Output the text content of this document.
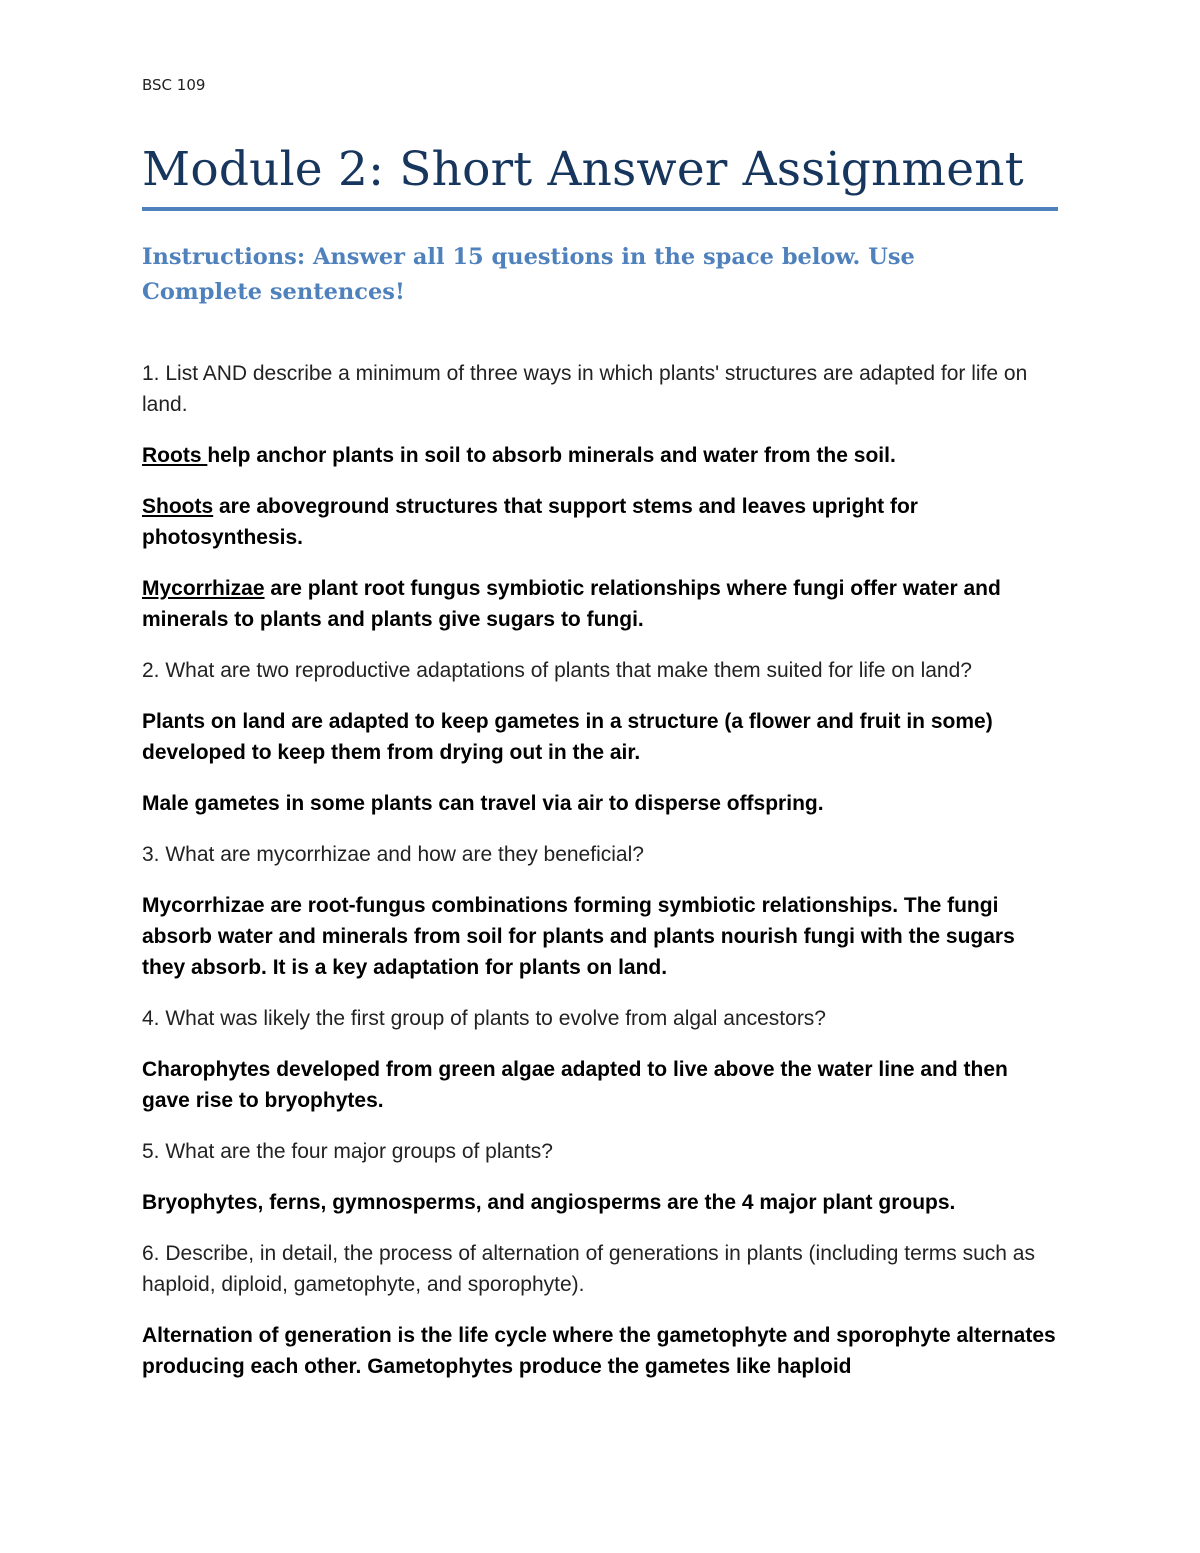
BSC 109
Module 2: Short Answer Assignment
Instructions: Answer all 15 questions in the space below. Use Complete sentences!

1. List AND describe a minimum of three ways in which plants' structures are adapted for life on land.

Roots help anchor plants in soil to absorb minerals and water from the soil.

Shoots are aboveground structures that support stems and leaves upright for photosynthesis.

Mycorrhizae are plant root fungus symbiotic relationships where fungi offer water and minerals to plants and plants give sugars to fungi.

2. What are two reproductive adaptations of plants that make them suited for life on land?

Plants on land are adapted to keep gametes in a structure (a flower and fruit in some) developed to keep them from drying out in the air.

Male gametes in some plants can travel via air to disperse offspring.

3. What are mycorrhizae and how are they beneficial?

Mycorrhizae are root-fungus combinations forming symbiotic relationships. The fungi absorb water and minerals from soil for plants and plants nourish fungi with the sugars they absorb. It is a key adaptation for plants on land.

4. What was likely the first group of plants to evolve from algal ancestors?

Charophytes developed from green algae adapted to live above the water line and then gave rise to bryophytes.

5. What are the four major groups of plants?

Bryophytes, ferns, gymnosperms, and angiosperms are the 4 major plant groups.

6. Describe, in detail, the process of alternation of generations in plants (including terms such as haploid, diploid, gametophyte, and sporophyte).

Alternation of generation is the life cycle where the gametophyte and sporophyte alternates producing each other. Gametophytes produce the gametes like haploid
